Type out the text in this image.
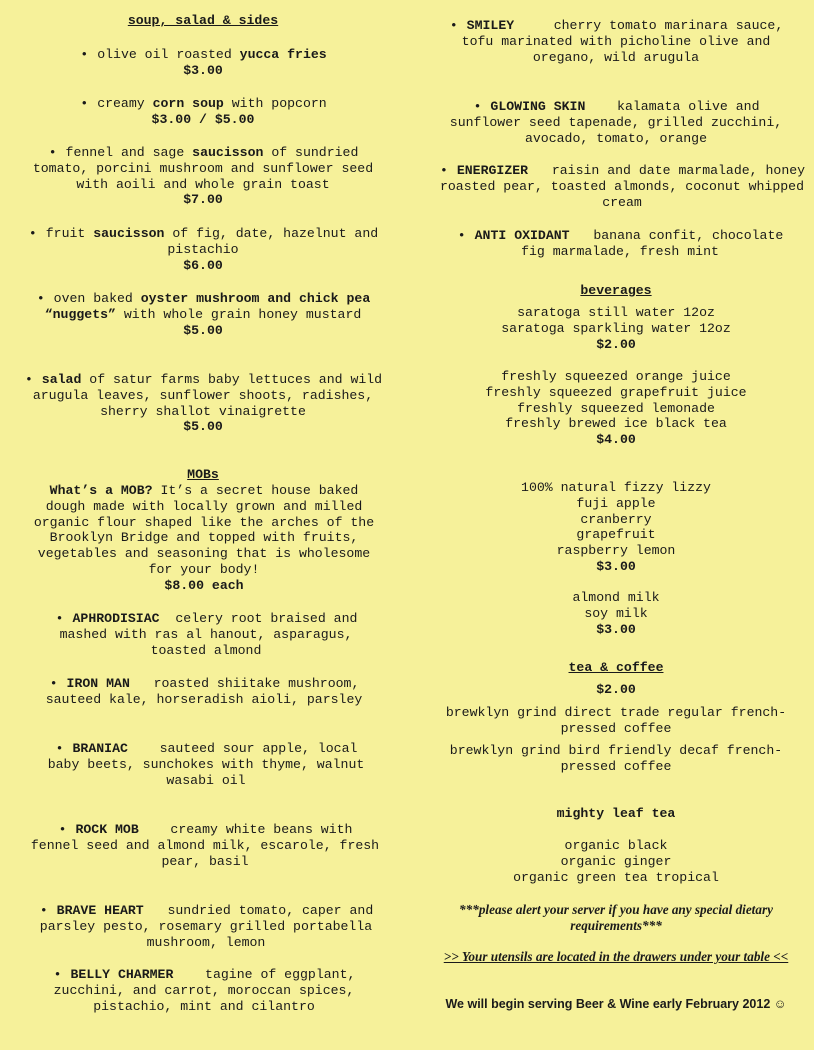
soup, salad & sides
• olive oil roasted yucca fries
$3.00
• creamy corn soup with popcorn
$3.00 / $5.00
• fennel and sage saucisson of sundried tomato, porcini mushroom and sunflower seed with aoili and whole grain toast
$7.00
• fruit saucisson of fig, date, hazelnut and pistachio
$6.00
• oven baked oyster mushroom and chick pea “nuggets” with whole grain honey mustard
$5.00
• salad of satur farms baby lettuces and wild arugula leaves, sunflower shoots, radishes, sherry shallot vinaigrette
$5.00
MOBs
What’s a MOB? It’s a secret house baked dough made with locally grown and milled organic flour shaped like the arches of the Brooklyn Bridge and topped with fruits, vegetables and seasoning that is wholesome for your body!
$8.00 each
• APHRODISIAC celery root braised and mashed with ras al hanout, asparagus, toasted almond
• IRON MAN roasted shiitake mushroom, sauteed kale, horseradish aioli, parsley
• BRANIAC sauteed sour apple, local baby beets, sunchokes with thyme, walnut wasabi oil
• ROCK MOB creamy white beans with fennel seed and almond milk, escarole, fresh pear, basil
• BRAVE HEART sundried tomato, caper and parsley pesto, rosemary grilled portabella mushroom, lemon
• BELLY CHARMER tagine of eggplant, zucchini, and carrot, moroccan spices, pistachio, mint and cilantro
• SMILEY	cherry tomato marinara sauce, tofu marinated with picholine olive and oregano, wild arugula
• GLOWING SKIN kalamata olive and sunflower seed tapenade, grilled zucchini, avocado, tomato, orange
• ENERGIZER raisin and date marmalade, honey roasted pear, toasted almonds, coconut whipped cream
• ANTI OXIDANT banana confit, chocolate fig marmalade, fresh mint
beverages
saratoga still water 12oz
saratoga sparkling water 12oz
$2.00
freshly squeezed orange juice
freshly squeezed grapefruit juice
freshly squeezed lemonade
freshly brewed ice black tea
$4.00
100% natural fizzy lizzy
fuji apple
cranberry
grapefruit
raspberry lemon
$3.00
almond milk
soy milk
$3.00
tea & coffee
$2.00
brewklyn grind direct trade regular french-pressed coffee
brewklyn grind bird friendly decaf french-pressed coffee
mighty leaf tea
organic black
organic ginger
organic green tea tropical
***please alert your server if you have any special dietary requirements***
>> Your utensils are located in the drawers under your table <<
We will begin serving Beer & Wine early February 2012 ☺
